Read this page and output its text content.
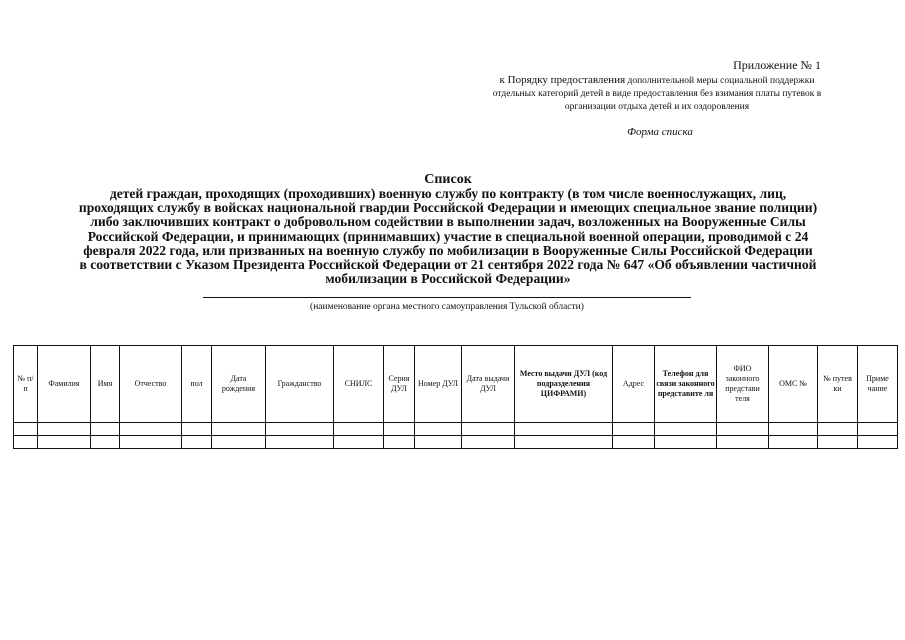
Приложение № 1
к Порядку предоставления дополнительной меры социальной поддержки
отдельных категорий детей в виде предоставления без взимания платы путевок в
организации отдыха детей и их оздоровления
Форма списка
Список
детей граждан, проходящих (проходивших) военную службу по контракту (в том числе военнослужащих, лиц,
проходящих службу в войсках национальной гвардии Российской Федерации и имеющих специальное звание полиции)
либо заключивших контракт о добровольном содействии в выполнении задач, возложенных на Вооруженные Силы
Российской Федерации, и принимающих (принимавших) участие в специальной военной операции, проводимой с 24
февраля 2022 года, или призванных на военную службу по мобилизации в Вооруженные Силы Российской Федерации
в соответствии с Указом Президента Российской Федерации от 21 сентября 2022 года № 647 «Об объявлении частичной
мобилизации в Российской Федерации»
(наименование органа местного самоуправления Тульской области)
№ п/ п	Фамилия	Имя	Отчество	пол	Дата рождения	Гражданство	СНИЛС	Серия ДУЛ	Номер ДУЛ	Дата выдачи ДУЛ	Место выдачи ДУЛ (код подразделения ЦИФРАМИ)	Адрес	Телефон для связи законного представите ля	ФИО законного представи теля	ОМС №	№ путев ки	Приме чание
